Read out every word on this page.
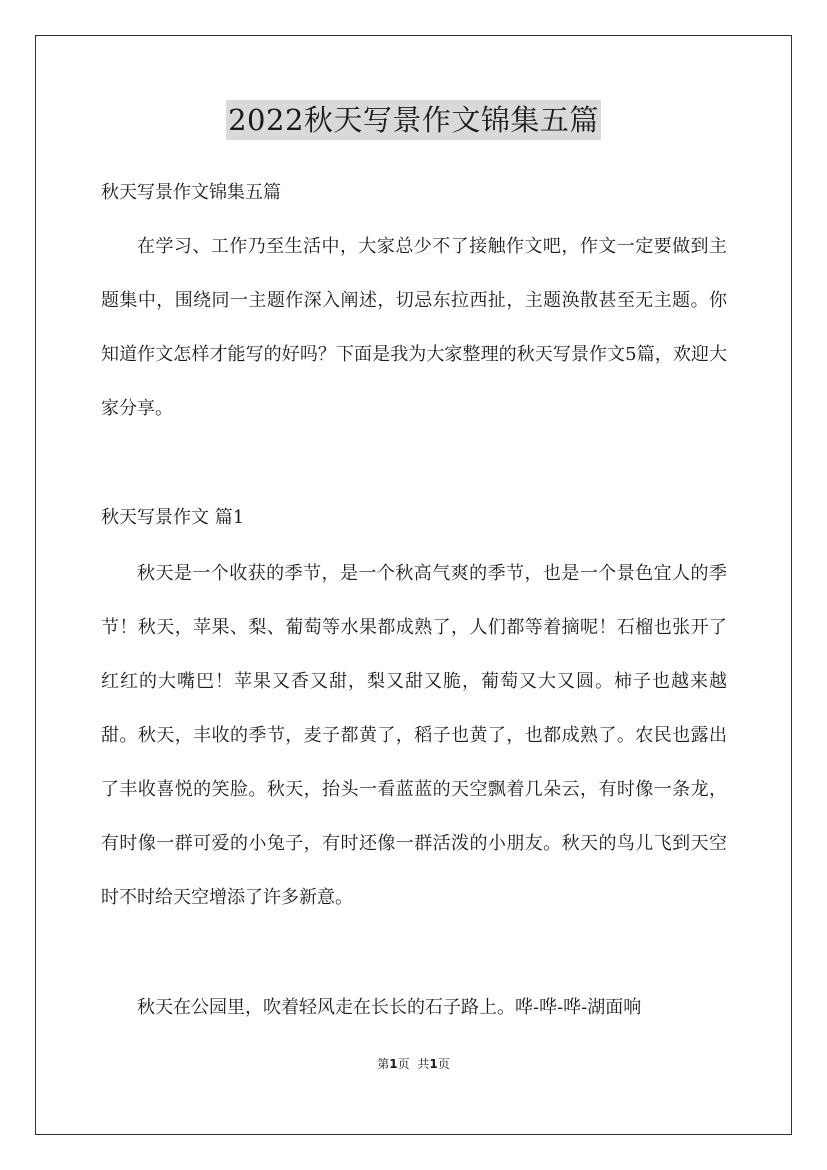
2022秋天写景作文锦集五篇
秋天写景作文锦集五篇

在学习、工作乃至生活中，大家总少不了接触作文吧，作文一定要做到主题集中，围绕同一主题作深入阐述，切忌东拉西扯，主题涣散甚至无主题。你知道作文怎样才能写的好吗？下面是我为大家整理的秋天写景作文5篇，欢迎大家分享。

秋天写景作文 篇1

秋天是一个收获的季节，是一个秋高气爽的季节，也是一个景色宜人的季节！秋天，苹果、梨、葡萄等水果都成熟了，人们都等着摘呢！石榴也张开了红红的大嘴巴！苹果又香又甜，梨又甜又脆，葡萄又大又圆。柿子也越来越甜。秋天，丰收的季节，麦子都黄了，稻子也黄了，也都成熟了。农民也露出了丰收喜悦的笑脸。秋天，抬头一看蓝蓝的天空飘着几朵云，有时像一条龙，有时像一群可爱的小兔子，有时还像一群活泼的小朋友。秋天的鸟儿飞到天空时不时给天空增添了许多新意。

秋天在公园里，吹着轻风走在长长的石子路上。哗-哗-哗-湖面响

第1页 共1页
